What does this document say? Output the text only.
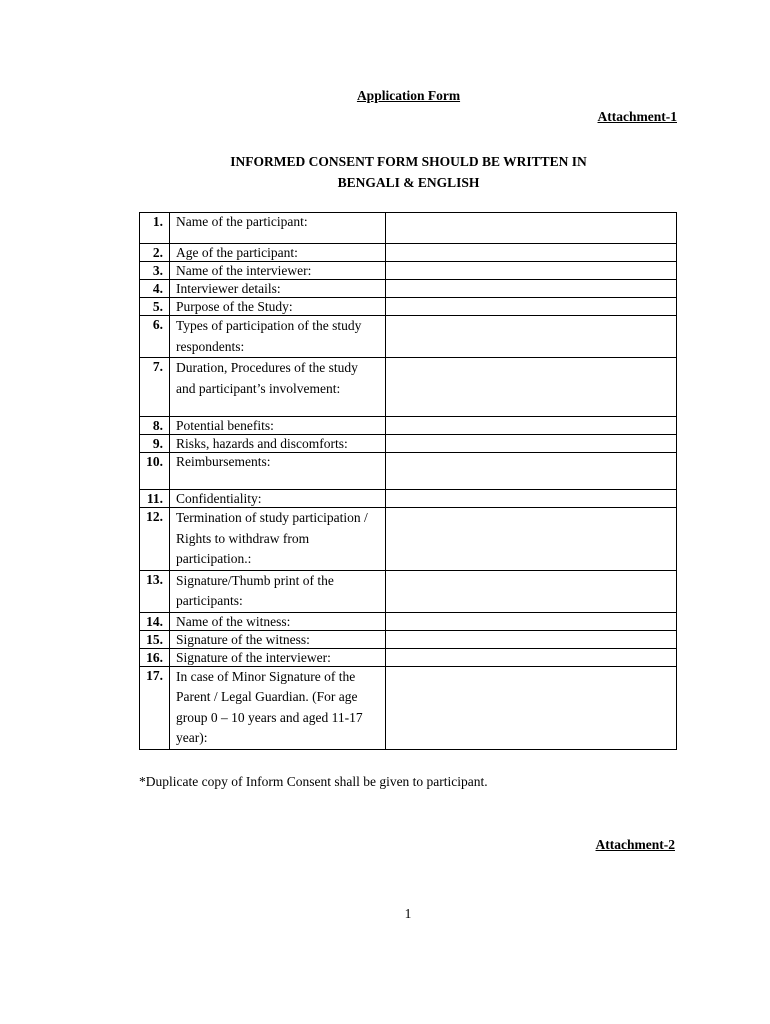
Application Form
Attachment-1
INFORMED CONSENT FORM SHOULD BE WRITTEN IN
BENGALI & ENGLISH
1.	Name of the participant:	
2.	Age of the participant:	
3.	Name of the interviewer:	
4.	Interviewer details:	
5.	Purpose of the Study:	
6.	Types of participation of the study respondents:	
7.	Duration, Procedures of the study and participant’s involvement:	
8.	Potential benefits:	
9.	Risks, hazards and discomforts:	
10.	Reimbursements:	
11.	Confidentiality:	
12.	Termination of study participation / Rights to withdraw from participation.:	
13.	Signature/Thumb print of the participants:	
14.	Name of the witness:	
15.	Signature of the witness:	
16.	Signature of the interviewer:	
17.	In case of Minor Signature of the Parent / Legal Guardian. (For age group 0 – 10 years and aged 11-17 year):	
*Duplicate copy of Inform Consent shall be given to participant.
Attachment-2
1
